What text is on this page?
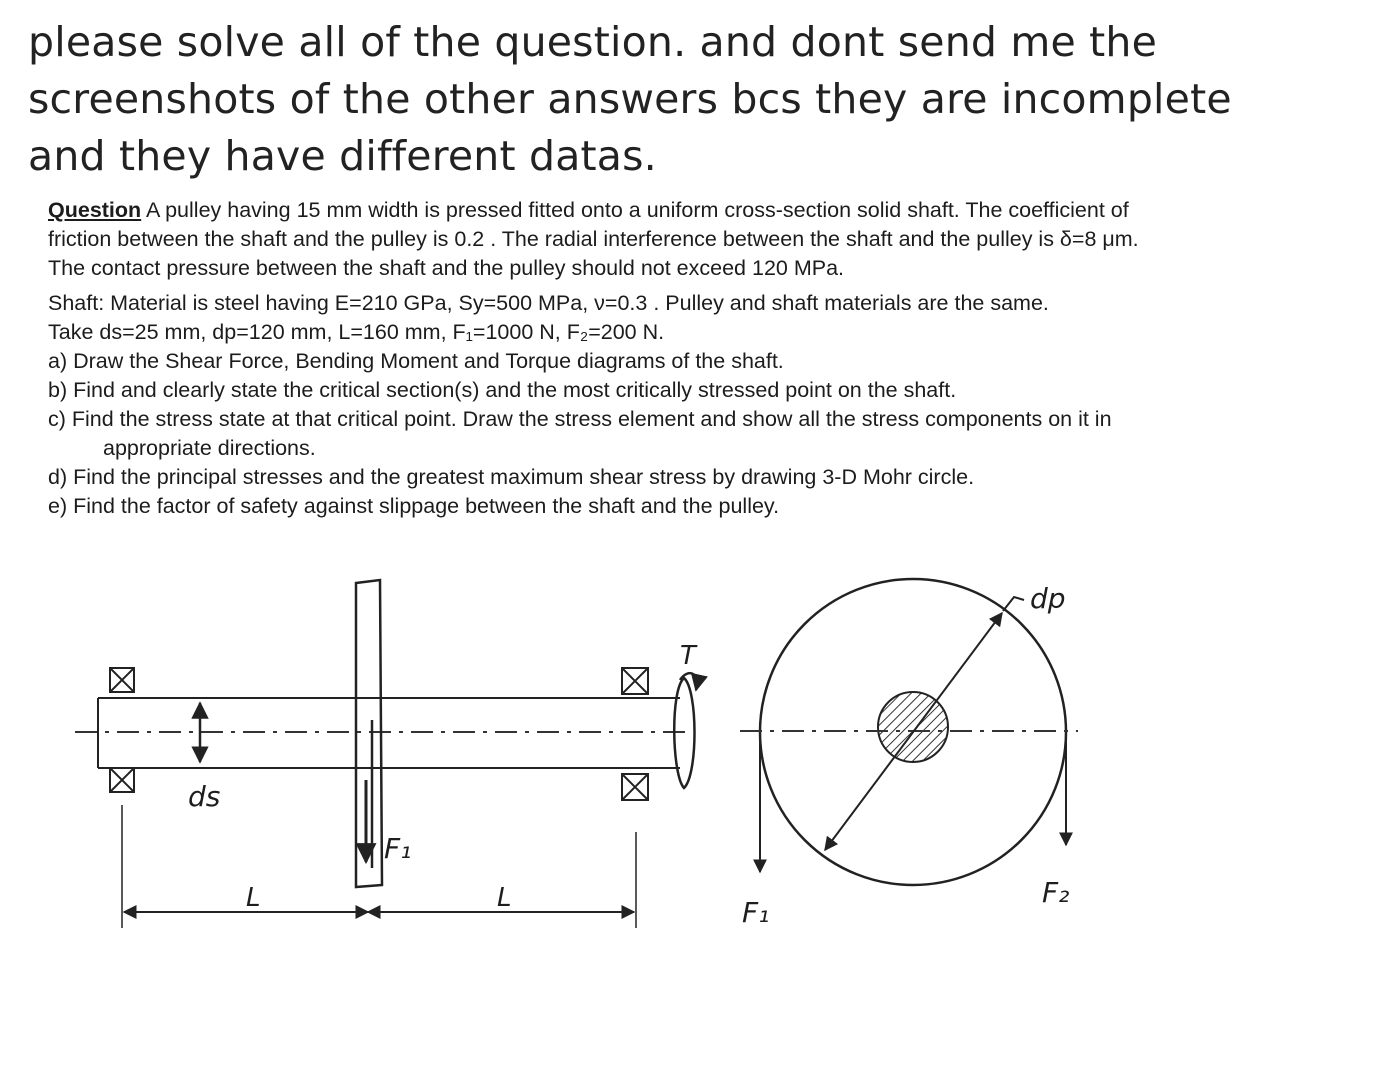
please solve all of the question. and dont send me the
screenshots of the other answers bcs they are incomplete
and they have different datas.
Question A pulley having 15 mm width is pressed fitted onto a uniform cross-section solid shaft. The coefficient of
friction between the shaft and the pulley is 0.2 . The radial interference between the shaft and the pulley is δ=8 μm.
The contact pressure between the shaft and the pulley should not exceed 120 MPa.
Shaft: Material is steel having E=210 GPa, Sy=500 MPa, ν=0.3 . Pulley and shaft materials are the same.
Take ds=25 mm, dp=120 mm, L=160 mm, F₁=1000 N, F₂=200 N.
a) Draw the Shear Force, Bending Moment and Torque diagrams of the shaft.
b) Find and clearly state the critical section(s) and the most critically stressed point on the shaft.
c) Find the stress state at that critical point. Draw the stress element and show all the stress components on it in
appropriate directions.
d) Find the principal stresses and the greatest maximum shear stress by drawing 3-D Mohr circle.
e) Find the factor of safety against slippage between the shaft and the pulley.
F₁
ds
T
L	L
dp
F₁
F₂
